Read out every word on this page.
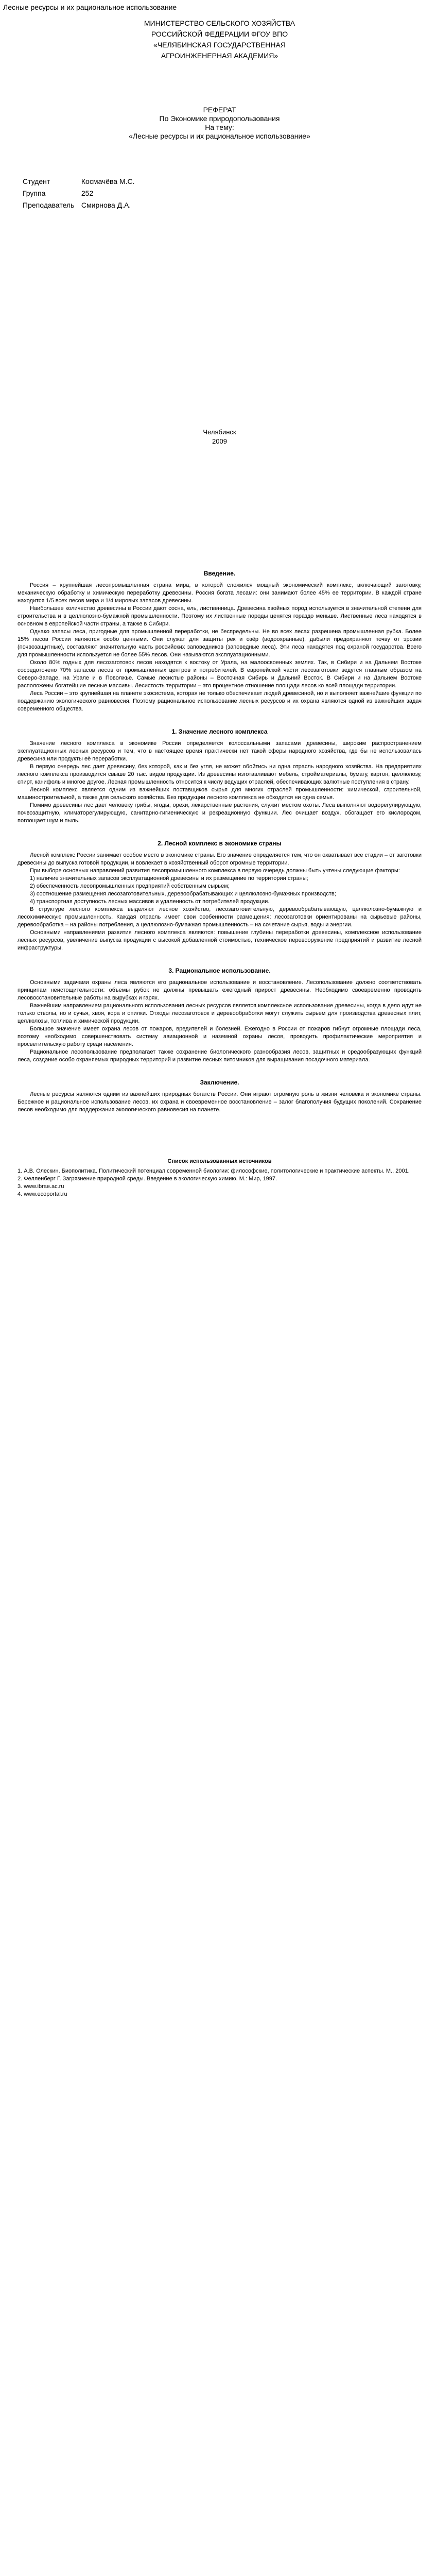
Лесные ресурсы и их рациональное использование
МИНИСТЕРСТВО СЕЛЬСКОГО ХОЗЯЙСТВА
РОССИЙСКОЙ ФЕДЕРАЦИИ ФГОУ ВПО
«ЧЕЛЯБИНСКАЯ ГОСУДАРСТВЕННАЯ
АГРОИНЖЕНЕРНАЯ АКАДЕМИЯ»
РЕФЕРАТ
По Экономике природопользования
На тему:
«Лесные ресурсы и их рациональное использование»
Студент	Космачёва М.С.
Группа	252
Преподаватель Смирнова Д.А.
Челябинск
2009
Введение.

Россия – крупнейшая лесопромышленная страна мира, в которой сложился мощный экономический комплекс, включающий заготовку, механическую обработку и химическую переработку древесины. Россия богата лесами: они занимают более 45% ее территории. В каждой стране находится 1/5 всех лесов мира и 1/4 мировых запасов древесины.

Наибольшее количество древесины в России дают сосна, ель, лиственница. Древесина хвойных пород используется в значительной степени для строительства и в целлюлозно-бумажной промышленности. Поэтому их лиственные породы ценятся гораздо меньше. Лиственные леса находятся в основном в европейской части страны, а также в Сибири.

Однако запасы леса, пригодные для промышленной переработки, не беспредельны. Не во всех лесах разрешена промышленная рубка. Более 15% лесов России являются особо ценными. Они служат для защиты рек и озёр (водоохранные), дабыли предохраняют почву от эрозии (почвозащитные), составляют значительную часть российских заповедников (заповедные леса). Эти леса находятся под охраной государства. Всего для промышленности используется не более 55% лесов. Они называются эксплуатационными.

Около 80% годных для лесозаготовок лесов находятся к востоку от Урала, на малоосвоенных землях. Так, в Сибири и на Дальнем Востоке сосредоточено 70% запасов лесов от промышленных центров и потребителей. В европейской части лесозаготовки ведутся главным образом на Северо-Западе, на Урале и в Поволжье. Самые лесистые районы – Восточная Сибирь и Дальний Восток. В Сибири и на Дальнем Востоке расположены богатейшие лесные массивы. Лесистость территории – это процентное отношение площади лесов ко всей площади территории.

Леса России – это крупнейшая на планете экосистема, которая не только обеспечивает людей древесиной, но и выполняет важнейшие функции по поддержанию экологического равновесия. Поэтому рациональное использование лесных ресурсов и их охрана являются одной из важнейших задач современного общества.

1. Значение лесного комплекса

Значение лесного комплекса в экономике России определяется колоссальными запасами древесины, широким распространением эксплуатационных лесных ресурсов и тем, что в настоящее время практически нет такой сферы народного хозяйства, где бы не использовалась древесина или продукты её переработки.

В первую очередь лес дает древесину, без которой, как и без угля, не может обойтись ни одна отрасль народного хозяйства. На предприятиях лесного комплекса производится свыше 20 тыс. видов продукции. Из древесины изготавливают мебель, стройматериалы, бумагу, картон, целлюлозу, спирт, канифоль и многое другое. Лесная промышленность относится к числу ведущих отраслей, обеспечивающих валютные поступления в страну.

Лесной комплекс является одним из важнейших поставщиков сырья для многих отраслей промышленности: химической, строительной, машиностроительной, а также для сельского хозяйства. Без продукции лесного комплекса не обходится ни одна семья.

Помимо древесины лес дает человеку грибы, ягоды, орехи, лекарственные растения, служит местом охоты. Леса выполняют водорегулирующую, почвозащитную, климаторегулирующую, санитарно-гигиеническую и рекреационную функции. Лес очищает воздух, обогащает его кислородом, поглощает шум и пыль.

2. Лесной комплекс в экономике страны

Лесной комплекс России занимает особое место в экономике страны. Его значение определяется тем, что он охватывает все стадии – от заготовки древесины до выпуска готовой продукции, и вовлекает в хозяйственный оборот огромные территории.

При выборе основных направлений развития лесопромышленного комплекса в первую очередь должны быть учтены следующие факторы:

1) наличие значительных запасов эксплуатационной древесины и их размещение по территории страны;

2) обеспеченность лесопромышленных предприятий собственным сырьем;

3) соотношение размещения лесозаготовительных, деревообрабатывающих и целлюлозно-бумажных производств;

4) транспортная доступность лесных массивов и удаленность от потребителей продукции.

В структуре лесного комплекса выделяют лесное хозяйство, лесозаготовительную, деревообрабатывающую, целлюлозно-бумажную и лесохимическую промышленность. Каждая отрасль имеет свои особенности размещения: лесозаготовки ориентированы на сырьевые районы, деревообработка – на районы потребления, а целлюлозно-бумажная промышленность – на сочетание сырья, воды и энергии.

Основными направлениями развития лесного комплекса являются: повышение глубины переработки древесины, комплексное использование лесных ресурсов, увеличение выпуска продукции с высокой добавленной стоимостью, техническое перевооружение предприятий и развитие лесной инфраструктуры.

3. Рациональное использование.

Основными задачами охраны леса являются его рациональное использование и восстановление. Лесопользование должно соответствовать принципам неистощительности: объемы рубок не должны превышать ежегодный прирост древесины. Необходимо своевременно проводить лесовосстановительные работы на вырубках и гарях.

Важнейшим направлением рационального использования лесных ресурсов является комплексное использование древесины, когда в дело идут не только стволы, но и сучья, хвоя, кора и опилки. Отходы лесозаготовок и деревообработки могут служить сырьем для производства древесных плит, целлюлозы, топлива и химической продукции.

Большое значение имеет охрана лесов от пожаров, вредителей и болезней. Ежегодно в России от пожаров гибнут огромные площади леса, поэтому необходимо совершенствовать систему авиационной и наземной охраны лесов, проводить профилактические мероприятия и просветительскую работу среди населения.

Рациональное лесопользование предполагает также сохранение биологического разнообразия лесов, защитных и средообразующих функций леса, создание особо охраняемых природных территорий и развитие лесных питомников для выращивания посадочного материала.

Заключение.

Лесные ресурсы являются одним из важнейших природных богатств России. Они играют огромную роль в жизни человека и экономике страны. Бережное и рациональное использование лесов, их охрана и своевременное восстановление – залог благополучия будущих поколений. Сохранение лесов необходимо для поддержания экологического равновесия на планете.

Список использованных источников

1. А.В. Олескин. Биополитика. Политический потенциал современной биологии: философские, политологические и практические аспекты. М., 2001.

2. Фелленберг Г. Загрязнение природной среды. Введение в экологическую химию. М.: Мир, 1997.

3. www.ibrae.ac.ru

4. www.ecoportal.ru
